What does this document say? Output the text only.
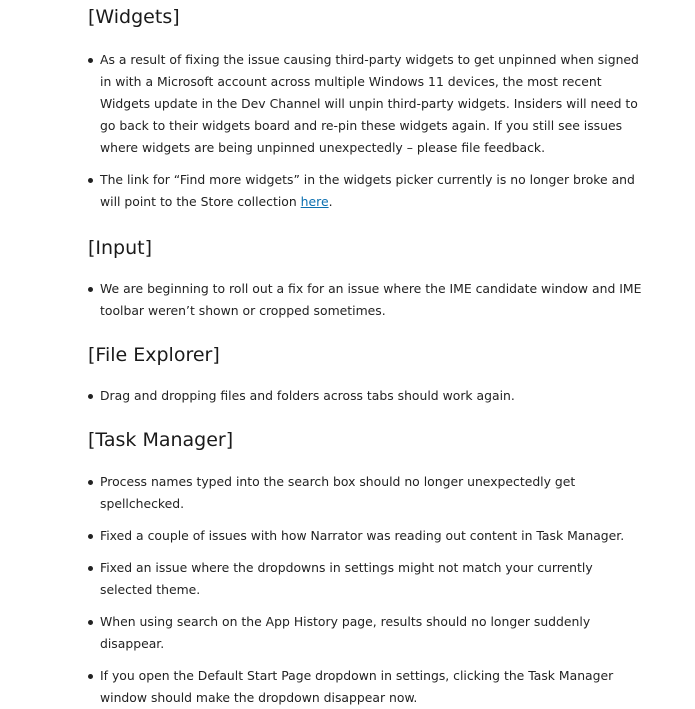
[Widgets]
As a result of fixing the issue causing third-party widgets to get unpinned when signed in with a Microsoft account across multiple Windows 11 devices, the most recent Widgets update in the Dev Channel will unpin third-party widgets. Insiders will need to go back to their widgets board and re-pin these widgets again. If you still see issues where widgets are being unpinned unexpectedly – please file feedback.
The link for “Find more widgets” in the widgets picker currently is no longer broke and will point to the Store collection here.
[Input]
We are beginning to roll out a fix for an issue where the IME candidate window and IME toolbar weren’t shown or cropped sometimes.
[File Explorer]
Drag and dropping files and folders across tabs should work again.
[Task Manager]
Process names typed into the search box should no longer unexpectedly get spellchecked.
Fixed a couple of issues with how Narrator was reading out content in Task Manager.
Fixed an issue where the dropdowns in settings might not match your currently selected theme.
When using search on the App History page, results should no longer suddenly disappear.
If you open the Default Start Page dropdown in settings, clicking the Task Manager window should make the dropdown disappear now.
